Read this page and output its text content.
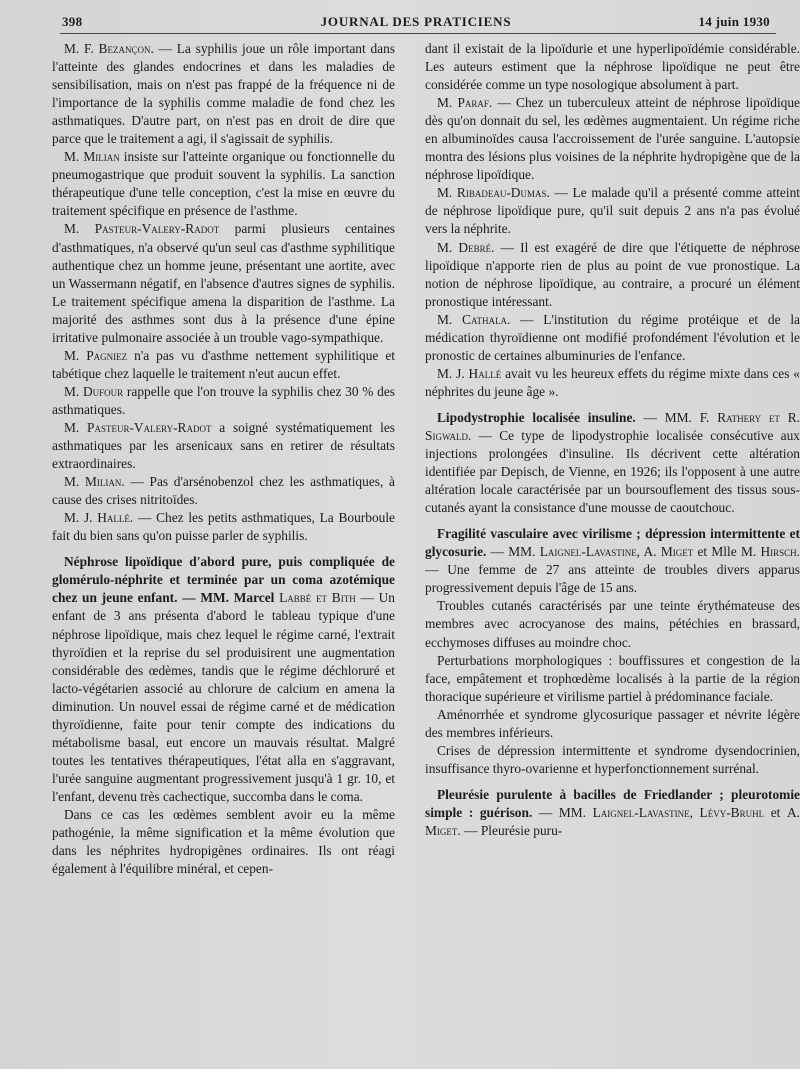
398	JOURNAL DES PRATICIENS	14 juin 1930

M. F. Bezançon. — La syphilis joue un rôle important dans l'atteinte des glandes endocrines et dans les maladies de sensibilisation, mais on n'est pas frappé de la fréquence ni de l'importance de la syphilis comme maladie de fond chez les asthmatiques. D'autre part, on n'est pas en droit de dire que parce que le traitement a agi, il s'agissait de syphilis.

M. Milian insiste sur l'atteinte organique ou fonctionnelle du pneumogastrique que produit souvent la syphilis. La sanction thérapeutique d'une telle conception, c'est la mise en œuvre du traitement spécifique en présence de l'asthme.

M. Pasteur-Valery-Radot parmi plusieurs centaines d'asthmatiques, n'a observé qu'un seul cas d'asthme syphilitique authentique chez un homme jeune, présentant une aortite, avec un Wassermann négatif, en l'absence d'autres signes de syphilis. Le traitement spécifique amena la disparition de l'asthme. La majorité des asthmes sont dus à la présence d'une épine irritative pulmonaire associée à un trouble vago-sympathique.

M. Pagniez n'a pas vu d'asthme nettement syphilitique et tabétique chez laquelle le traitement n'eut aucun effet.

M. Dufour rappelle que l'on trouve la syphilis chez 30 % des asthmatiques.

M. Pasteur-Valery-Radot a soigné systématiquement les asthmatiques par les arsenicaux sans en retirer de résultats extraordinaires.

M. Milian. — Pas d'arsénobenzol chez les asthmatiques, à cause des crises nitritoïdes.

M. J. Hallé. — Chez les petits asthmatiques, La Bourboule fait du bien sans qu'on puisse parler de syphilis.

Néphrose lipoïdique d'abord pure, puis compliquée de glomérulo-néphrite et terminée par un coma azotémique chez un jeune enfant. — MM. Marcel Labbé et Bith — Un enfant de 3 ans présenta d'abord le tableau typique d'une néphrose lipoïdique, mais chez lequel le régime carné, l'extrait thyroïdien et la reprise du sel produisirent une augmentation considérable des œdèmes, tandis que le régime déchloruré et lacto-végétarien associé au chlorure de calcium en amena la diminution. Un nouvel essai de régime carné et de médication thyroïdienne, faite pour tenir compte des indications du métabolisme basal, eut encore un mauvais résultat. Malgré toutes les tentatives thérapeutiques, l'état alla en s'aggravant, l'urée sanguine augmentant progressivement jusqu'à 1 gr. 10, et l'enfant, devenu très cachectique, succomba dans le coma.

Dans ce cas les œdèmes semblent avoir eu la même pathogénie, la même signification et la même évolution que dans les néphrites hydropigènes ordinaires. Ils ont réagi également à l'équilibre minéral, et cepen-

dant il existait de la lipoïdurie et une hyperlipoïdémie considérable. Les auteurs estiment que la néphrose lipoïdique ne peut être considérée comme un type nosologique absolument à part.

M. Paraf. — Chez un tuberculeux atteint de néphrose lipoïdique dès qu'on donnait du sel, les œdèmes augmentaient. Un régime riche en albuminoïdes causa l'accroissement de l'urée sanguine. L'autopsie montra des lésions plus voisines de la néphrite hydropigène que de la néphrose lipoïdique.

M. Ribadeau-Dumas. — Le malade qu'il a présenté comme atteint de néphrose lipoïdique pure, qu'il suit depuis 2 ans n'a pas évolué vers la néphrite.

M. Debré. — Il est exagéré de dire que l'étiquette de néphrose lipoïdique n'apporte rien de plus au point de vue pronostique. La notion de néphrose lipoïdique, au contraire, a procuré un élément pronostique intéressant.

M. Cathala. — L'institution du régime protéique et de la médication thyroïdienne ont modifié profondément l'évolution et le pronostic de certaines albuminuries de l'enfance.

M. J. Hallé avait vu les heureux effets du régime mixte dans ces « néphrites du jeune âge ».

Lipodystrophie localisée insuline. — MM. F. Rathery et R. Sigwald. — Ce type de lipodystrophie localisée consécutive aux injections prolongées d'insuline. Ils décrivent cette altération identifiée par Depisch, de Vienne, en 1926; ils l'opposent à une autre altération locale caractérisée par un boursouflement des tissus sous-cutanés ayant la consistance d'une mousse de caoutchouc.

Fragilité vasculaire avec virilisme ; dépression intermittente et glycosurie. — MM. Laignel-Lavastine, A. Miget et Mlle M. Hirsch. — Une femme de 27 ans atteinte de troubles divers apparus progressivement depuis l'âge de 15 ans.

Troubles cutanés caractérisés par une teinte érythémateuse des membres avec acrocyanose des mains, pétéchies en brassard, ecchymoses diffuses au moindre choc.

Perturbations morphologiques : bouffissures et congestion de la face, empâtement et trophœdème localisés à la partie de la région thoracique supérieure et virilisme partiel à prédominance faciale.

Aménorrhée et syndrome glycosurique passager et névrite légère des membres inférieurs.

Crises de dépression intermittente et syndrome dysendocrinien, insuffisance thyro-ovarienne et hyperfonctionnement surrénal.

Pleurésie purulente à bacilles de Friedlander ; pleurotomie simple : guérison. — MM. Laignel-Lavastine, Lévy-Bruhl et A. Miget. — Pleurésie puru-
